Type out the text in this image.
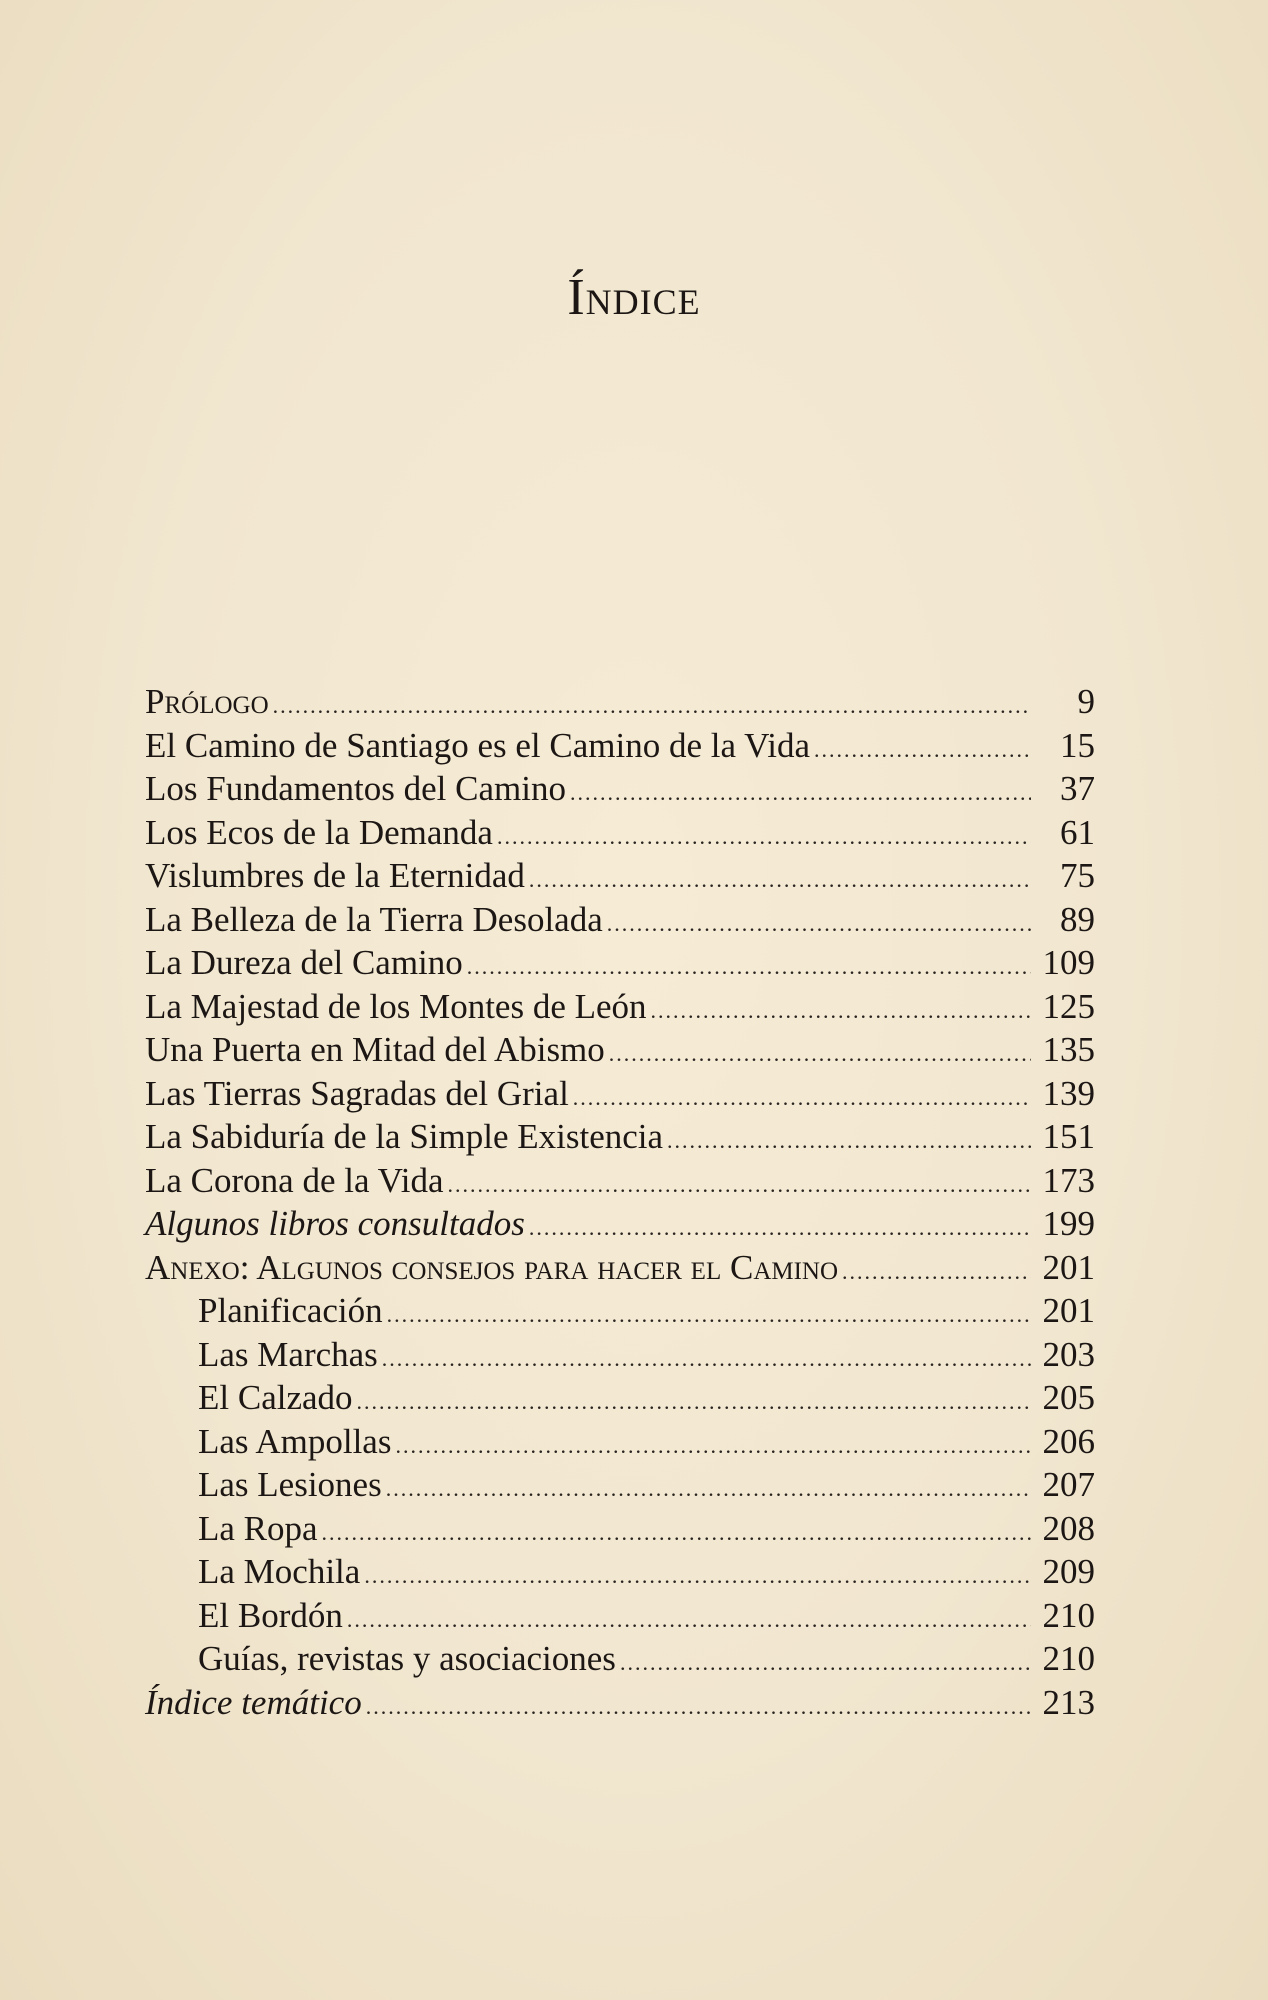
Índice
Prólogo .....	9
El Camino de Santiago es el Camino de la Vida .....	15
Los Fundamentos del Camino .....	37
Los Ecos de la Demanda .....	61
Vislumbres de la Eternidad .....	75
La Belleza de la Tierra Desolada .....	89
La Dureza del Camino .....	109
La Majestad de los Montes de León .....	125
Una Puerta en Mitad del Abismo .....	135
Las Tierras Sagradas del Grial .....	139
La Sabiduría de la Simple Existencia .....	151
La Corona de la Vida .....	173
Algunos libros consultados .....	199
Anexo: Algunos consejos para hacer el Camino .....	201
Planificación .....	201
Las Marchas .....	203
El Calzado .....	205
Las Ampollas .....	206
Las Lesiones .....	207
La Ropa .....	208
La Mochila .....	209
El Bordón .....	210
Guías, revistas y asociaciones .....	210
Índice temático .....	213
